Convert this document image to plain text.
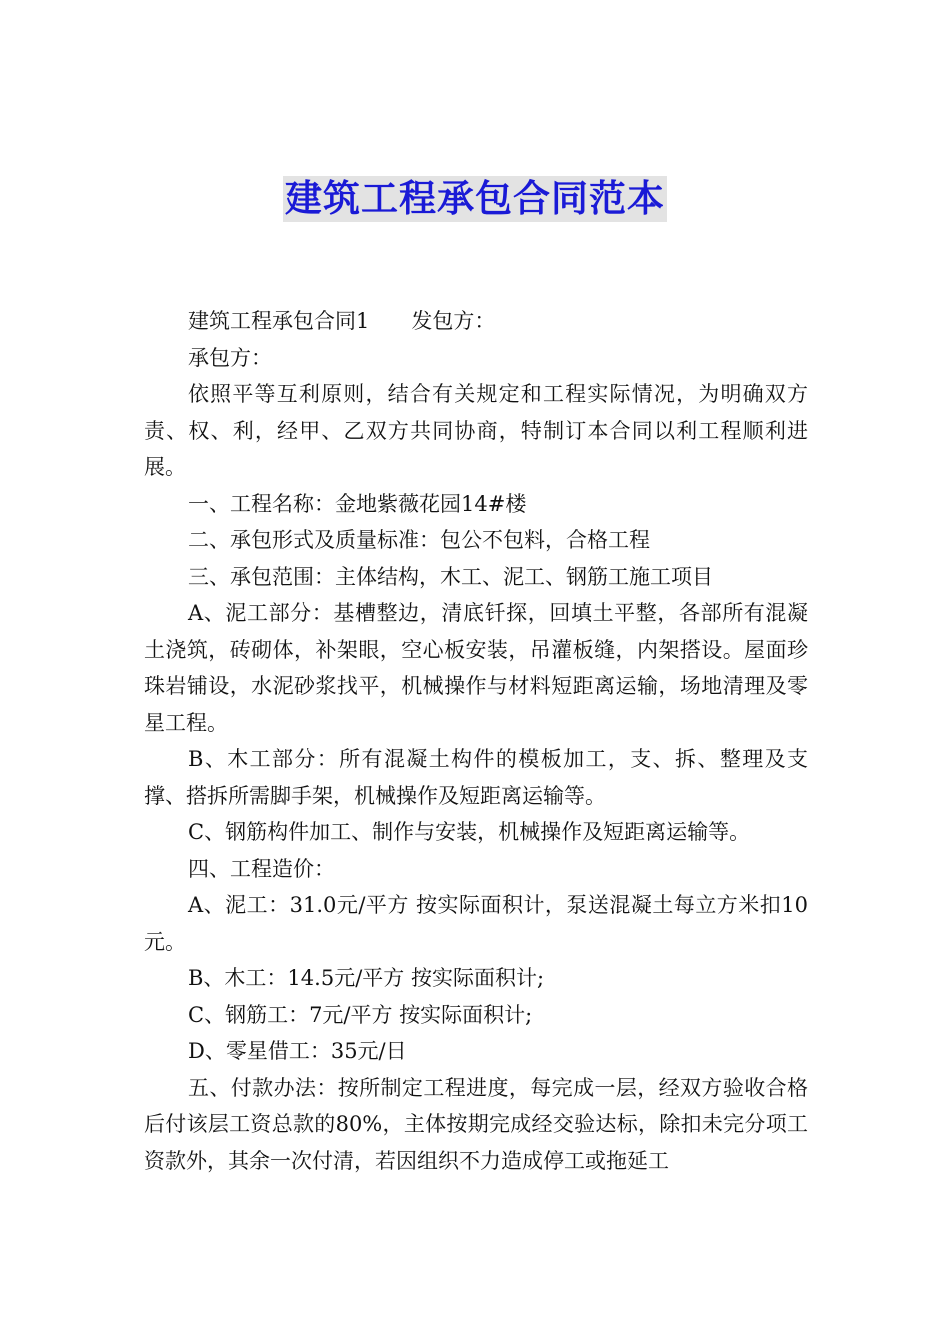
建筑工程承包合同范本

建筑工程承包合同1 发包方：

承包方：

依照平等互利原则，结合有关规定和工程实际情况，为明确双方责、权、利，经甲、乙双方共同协商，特制订本合同以利工程顺利进展。

一、工程名称：金地紫薇花园14#楼

二、承包形式及质量标准：包公不包料，合格工程

三、承包范围：主体结构，木工、泥工、钢筋工施工项目

A、泥工部分：基槽整边，清底钎探，回填土平整，各部所有混凝土浇筑，砖砌体，补架眼，空心板安装，吊灌板缝，内架搭设。屋面珍珠岩铺设，水泥砂浆找平，机械操作与材料短距离运输，场地清理及零星工程。

B、木工部分：所有混凝土构件的模板加工，支、拆、整理及支撑、搭拆所需脚手架，机械操作及短距离运输等。

C、钢筋构件加工、制作与安装，机械操作及短距离运输等。

四、工程造价：

A、泥工：31.0元/平方 按实际面积计，泵送混凝土每立方米扣10元。

B、木工：14.5元/平方 按实际面积计;

C、钢筋工：7元/平方 按实际面积计;

D、零星借工：35元/日

五、付款办法：按所制定工程进度，每完成一层，经双方验收合格后付该层工资总款的80%，主体按期完成经交验达标，除扣未完分项工资款外，其余一次付清，若因组织不力造成停工或拖延工
